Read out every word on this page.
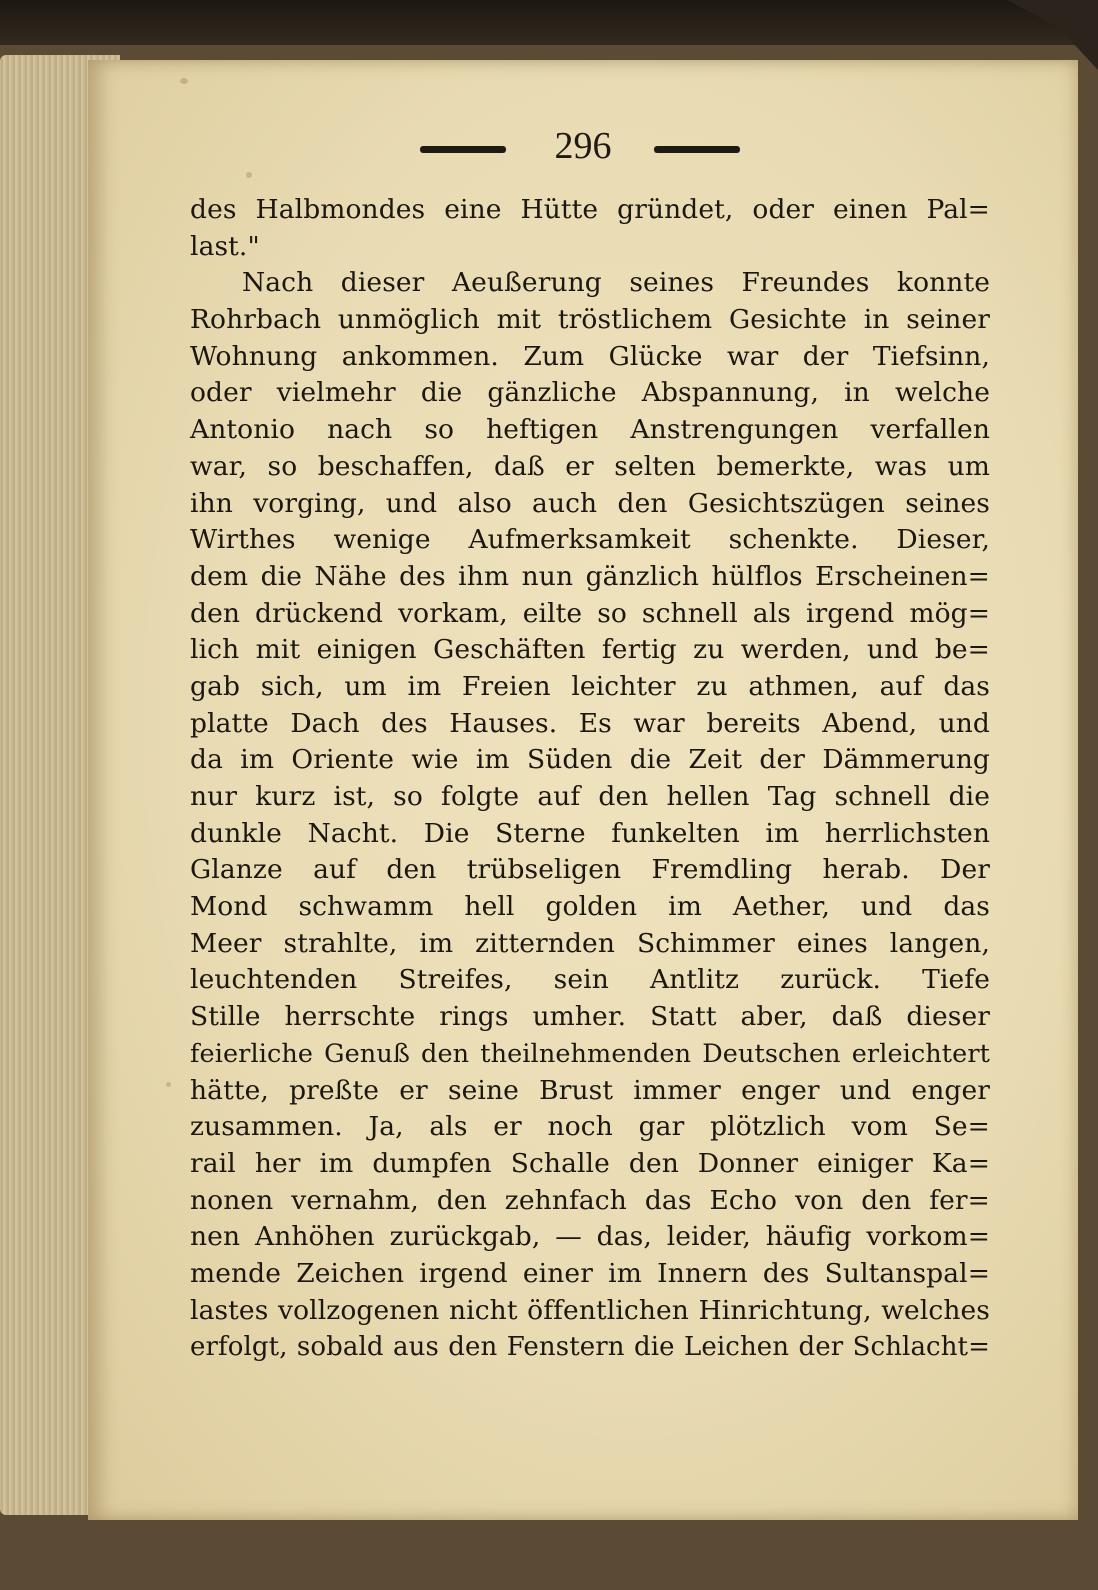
296
des Halbmondes eine Hütte gründet, oder einen Pal=
last."
Nach dieser Aeußerung seines Freundes konnte
Rohrbach unmöglich mit tröstlichem Gesichte in seiner
Wohnung ankommen. Zum Glücke war der Tiefsinn,
oder vielmehr die gänzliche Abspannung, in welche
Antonio nach so heftigen Anstrengungen verfallen
war, so beschaffen, daß er selten bemerkte, was um
ihn vorging, und also auch den Gesichtszügen seines
Wirthes wenige Aufmerksamkeit schenkte. Dieser,
dem die Nähe des ihm nun gänzlich hülflos Erscheinen=
den drückend vorkam, eilte so schnell als irgend mög=
lich mit einigen Geschäften fertig zu werden, und be=
gab sich, um im Freien leichter zu athmen, auf das
platte Dach des Hauses. Es war bereits Abend, und
da im Oriente wie im Süden die Zeit der Dämmerung
nur kurz ist, so folgte auf den hellen Tag schnell die
dunkle Nacht. Die Sterne funkelten im herrlichsten
Glanze auf den trübseligen Fremdling herab. Der
Mond schwamm hell golden im Aether, und das
Meer strahlte, im zitternden Schimmer eines langen,
leuchtenden Streifes, sein Antlitz zurück. Tiefe
Stille herrschte rings umher. Statt aber, daß dieser
feierliche Genuß den theilnehmenden Deutschen erleichtert
hätte, preßte er seine Brust immer enger und enger
zusammen. Ja, als er noch gar plötzlich vom Se=
rail her im dumpfen Schalle den Donner einiger Ka=
nonen vernahm, den zehnfach das Echo von den fer=
nen Anhöhen zurückgab, — das, leider, häufig vorkom=
mende Zeichen irgend einer im Innern des Sultanspal=
lastes vollzogenen nicht öffentlichen Hinrichtung, welches
erfolgt, sobald aus den Fenstern die Leichen der Schlacht=
